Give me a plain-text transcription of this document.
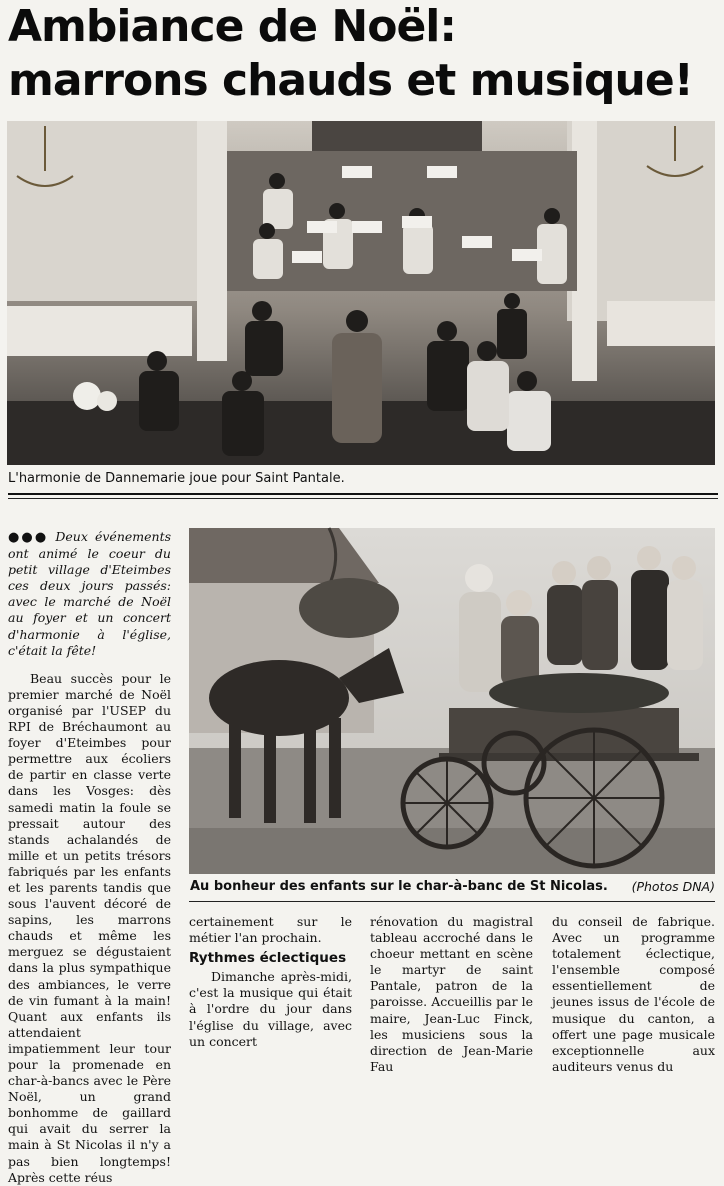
Ambiance de Noël:
marrons chauds et musique!
L'harmonie de Dannemarie joue pour Saint Pantale.
Au bonheur des enfants sur le char-à-banc de St Nicolas. (Photos DNA)

●●● Deux événements ont animé le coeur du petit village d'Eteimbes ces deux jours passés: avec le marché de Noël au foyer et un concert d'harmonie à l'église, c'était la fête!

Beau succès pour le premier marché de Noël organisé par l'USEP du RPI de Bréchaumont au foyer d'Eteimbes pour permettre aux écoliers de partir en classe verte dans les Vosges: dès samedi matin la foule se pressait autour des stands achalandés de mille et un petits trésors fabriqués par les enfants et les parents tandis que sous l'auvent décoré de sapins, les marrons chauds et même les merguez se dégustaient dans la plus sympathique des ambiances, le verre de vin fumant à la main! Quant aux enfants ils attendaient impatiemment leur tour pour la promenade en char-à-bancs avec le Père Noël, un grand bonhomme de gaillard qui avait du serrer la main à St Nicolas il n'y a pas bien longtemps! Après cette réus

certainement sur le métier l'an prochain.

Rythmes éclectiques

Dimanche après-midi, c'est la musique qui était à l'ordre du jour dans l'église du village, avec un concert

rénovation du magistral tableau accroché dans le choeur mettant en scène le martyr de saint Pantale, patron de la paroisse. Accueillis par le maire, Jean-Luc Finck, les musiciens sous la direction de Jean-Marie Fau

du conseil de fabrique. Avec un programme totalement éclectique, l'ensemble composé essentiellement de jeunes issus de l'école de musique du canton, a offert une page musicale exceptionnelle aux auditeurs venus du
